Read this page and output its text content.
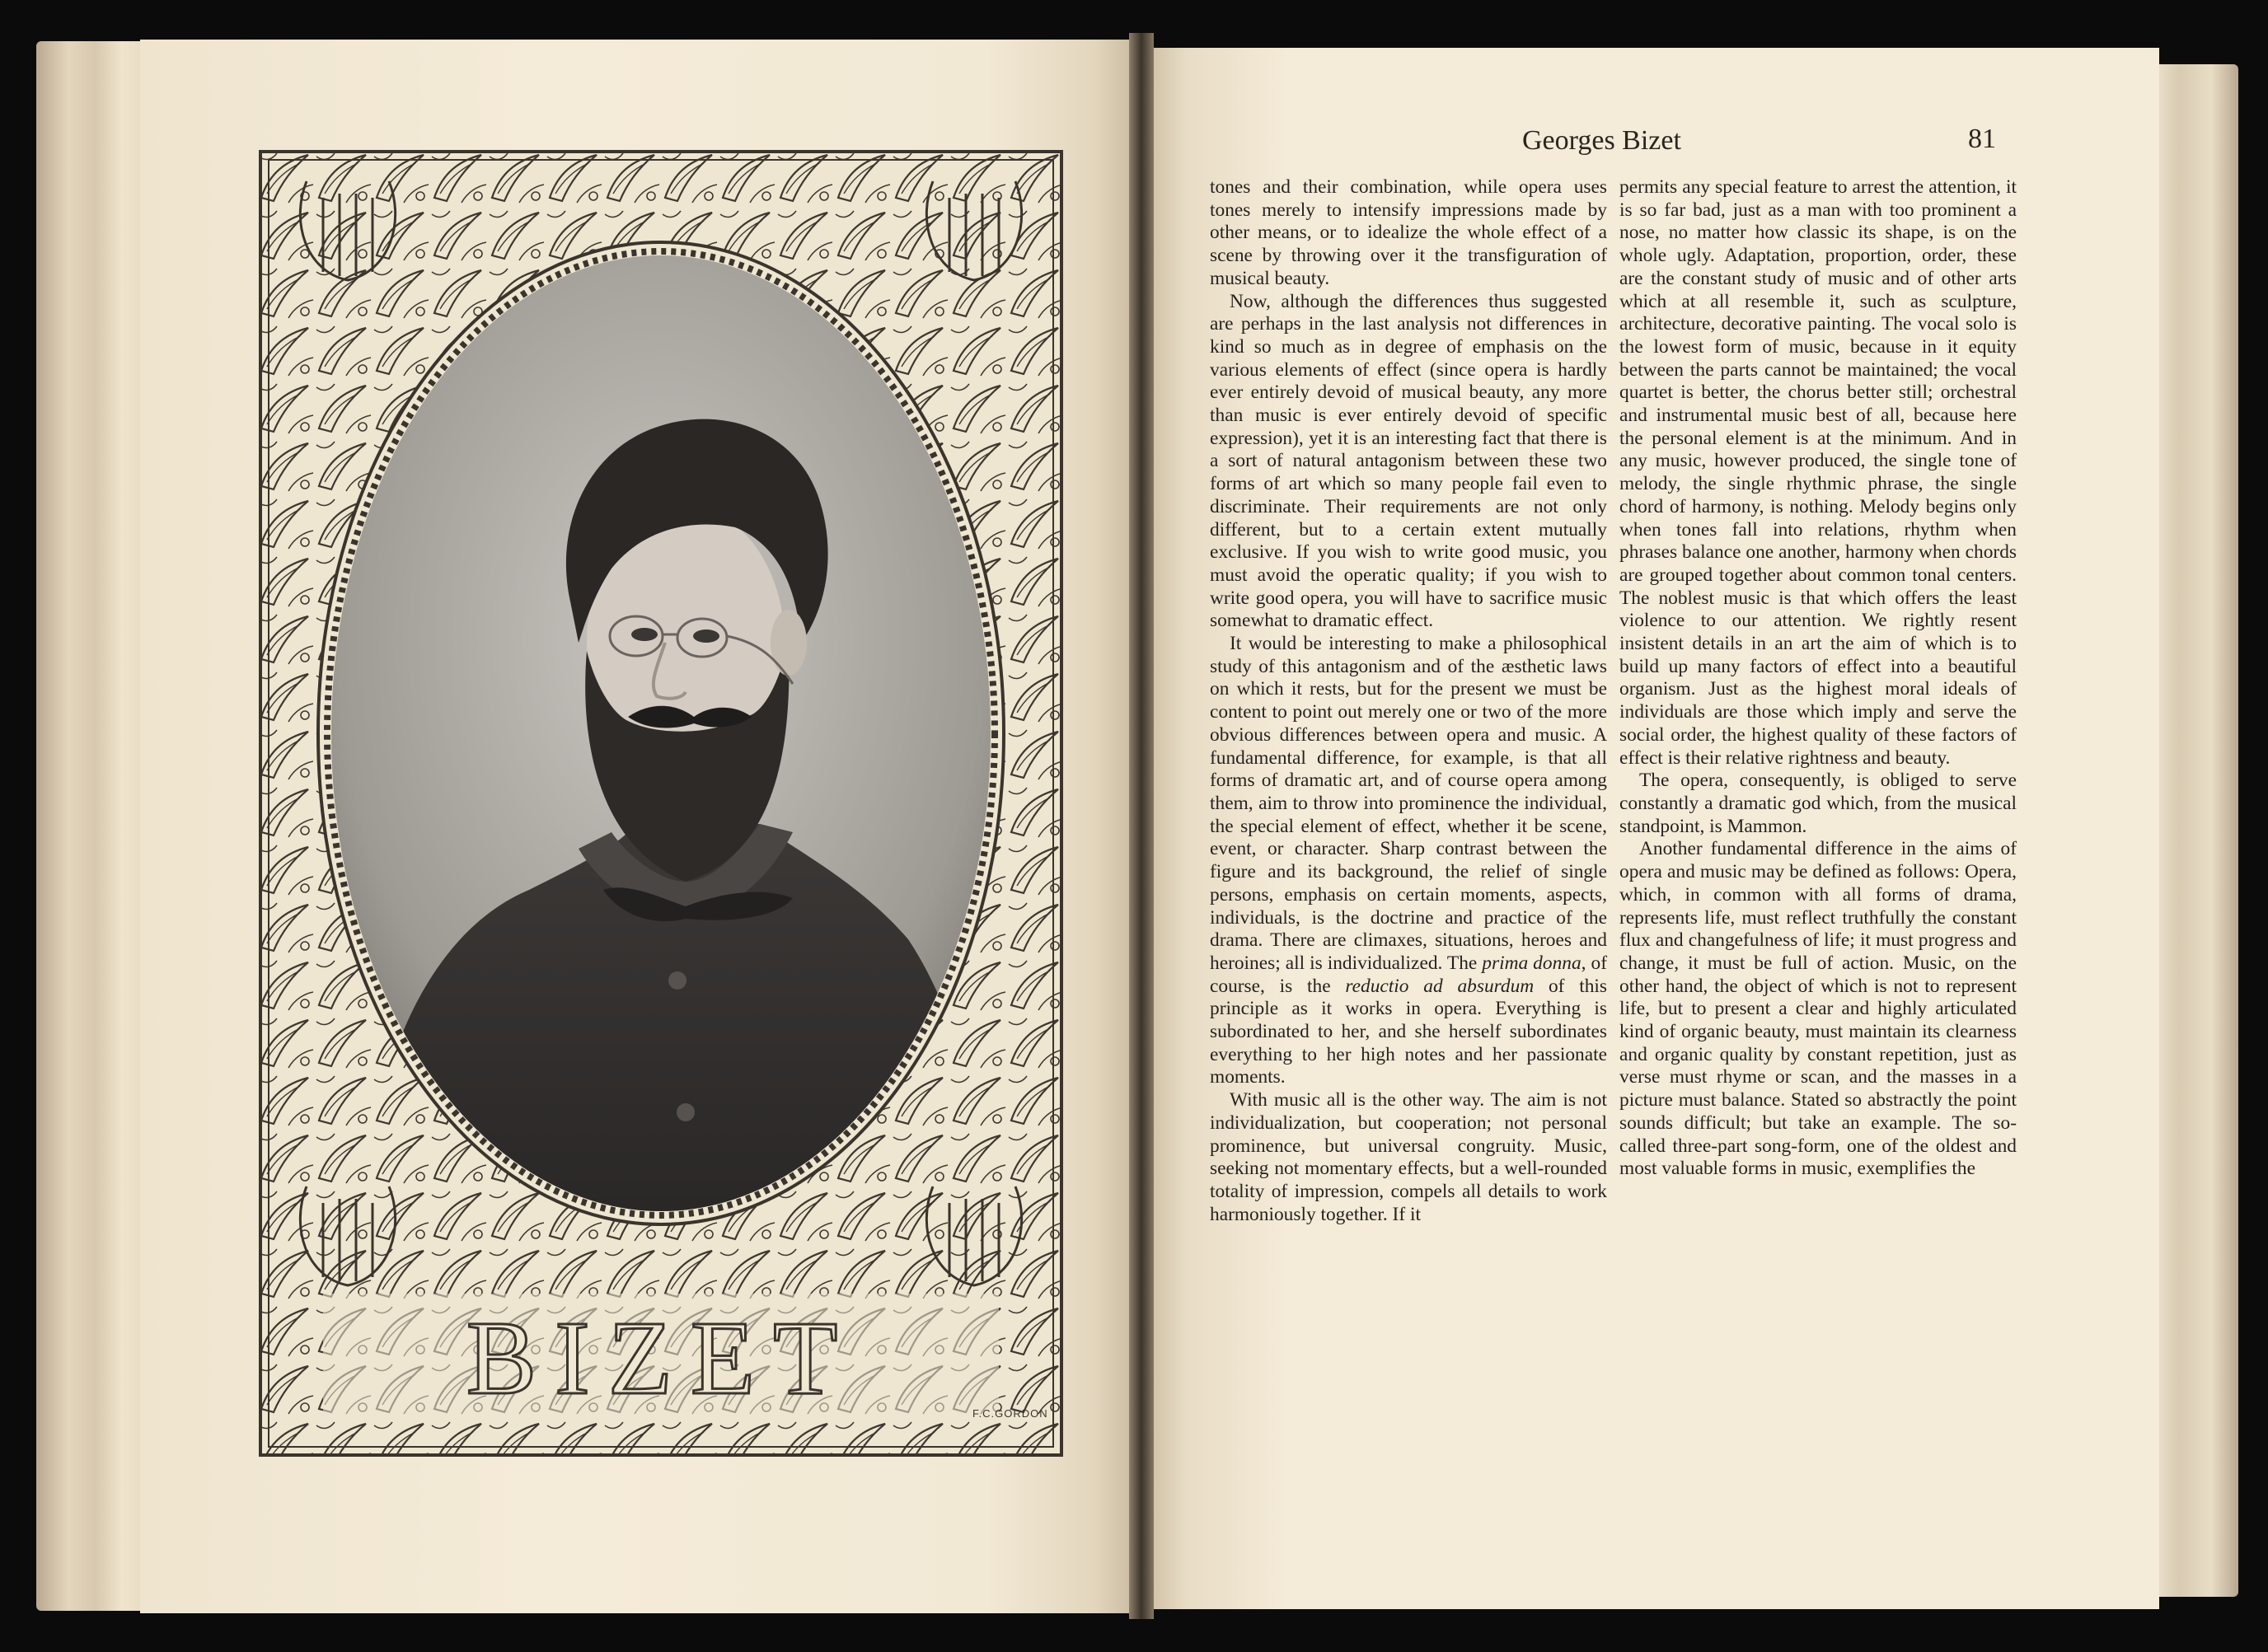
BIZET	F.C.GORDON
Georges Bizet	81

tones and their combination, while opera uses tones merely to intensify impressions made by other means, or to idealize the whole effect of a scene by throwing over it the transfiguration of musical beauty.

Now, although the differences thus suggested are perhaps in the last analysis not differences in kind so much as in degree of emphasis on the various elements of effect (since opera is hardly ever entirely devoid of musical beauty, any more than music is ever entirely devoid of specific expression), yet it is an interesting fact that there is a sort of natural antagonism between these two forms of art which so many people fail even to discriminate. Their requirements are not only different, but to a certain extent mutually exclusive. If you wish to write good music, you must avoid the operatic quality; if you wish to write good opera, you will have to sacrifice music somewhat to dramatic effect.

It would be interesting to make a philosophical study of this antagonism and of the æsthetic laws on which it rests, but for the present we must be content to point out merely one or two of the more obvious differences between opera and music. A fundamental difference, for example, is that all forms of dramatic art, and of course opera among them, aim to throw into prominence the individual, the special element of effect, whether it be scene, event, or character. Sharp contrast between the figure and its background, the relief of single persons, emphasis on certain moments, aspects, individuals, is the doctrine and practice of the drama. There are climaxes, situations, heroes and heroines; all is individualized. The prima donna, of course, is the reductio ad absurdum of this principle as it works in opera. Everything is subordinated to her, and she herself subordinates everything to her high notes and her passionate moments.

With music all is the other way. The aim is not individualization, but cooperation; not personal prominence, but universal congruity. Music, seeking not momentary effects, but a well-rounded totality of impression, compels all details to work harmoniously together. If it

permits any special feature to arrest the attention, it is so far bad, just as a man with too prominent a nose, no matter how classic its shape, is on the whole ugly. Adaptation, proportion, order, these are the constant study of music and of other arts which at all resemble it, such as sculpture, architecture, decorative painting. The vocal solo is the lowest form of music, because in it equity between the parts cannot be maintained; the vocal quartet is better, the chorus better still; orchestral and instrumental music best of all, because here the personal element is at the minimum. And in any music, however produced, the single tone of melody, the single rhythmic phrase, the single chord of harmony, is nothing. Melody begins only when tones fall into relations, rhythm when phrases balance one another, harmony when chords are grouped together about common tonal centers. The noblest music is that which offers the least violence to our attention. We rightly resent insistent details in an art the aim of which is to build up many factors of effect into a beautiful organism. Just as the highest moral ideals of individuals are those which imply and serve the social order, the highest quality of these factors of effect is their relative rightness and beauty.

The opera, consequently, is obliged to serve constantly a dramatic god which, from the musical standpoint, is Mammon.

Another fundamental difference in the aims of opera and music may be defined as follows: Opera, which, in common with all forms of drama, represents life, must reflect truthfully the constant flux and changefulness of life; it must progress and change, it must be full of action. Music, on the other hand, the object of which is not to represent life, but to present a clear and highly articulated kind of organic beauty, must maintain its clearness and organic quality by constant repetition, just as verse must rhyme or scan, and the masses in a picture must balance. Stated so abstractly the point sounds difficult; but take an example. The so-called three-part song-form, one of the oldest and most valuable forms in music, exemplifies the
